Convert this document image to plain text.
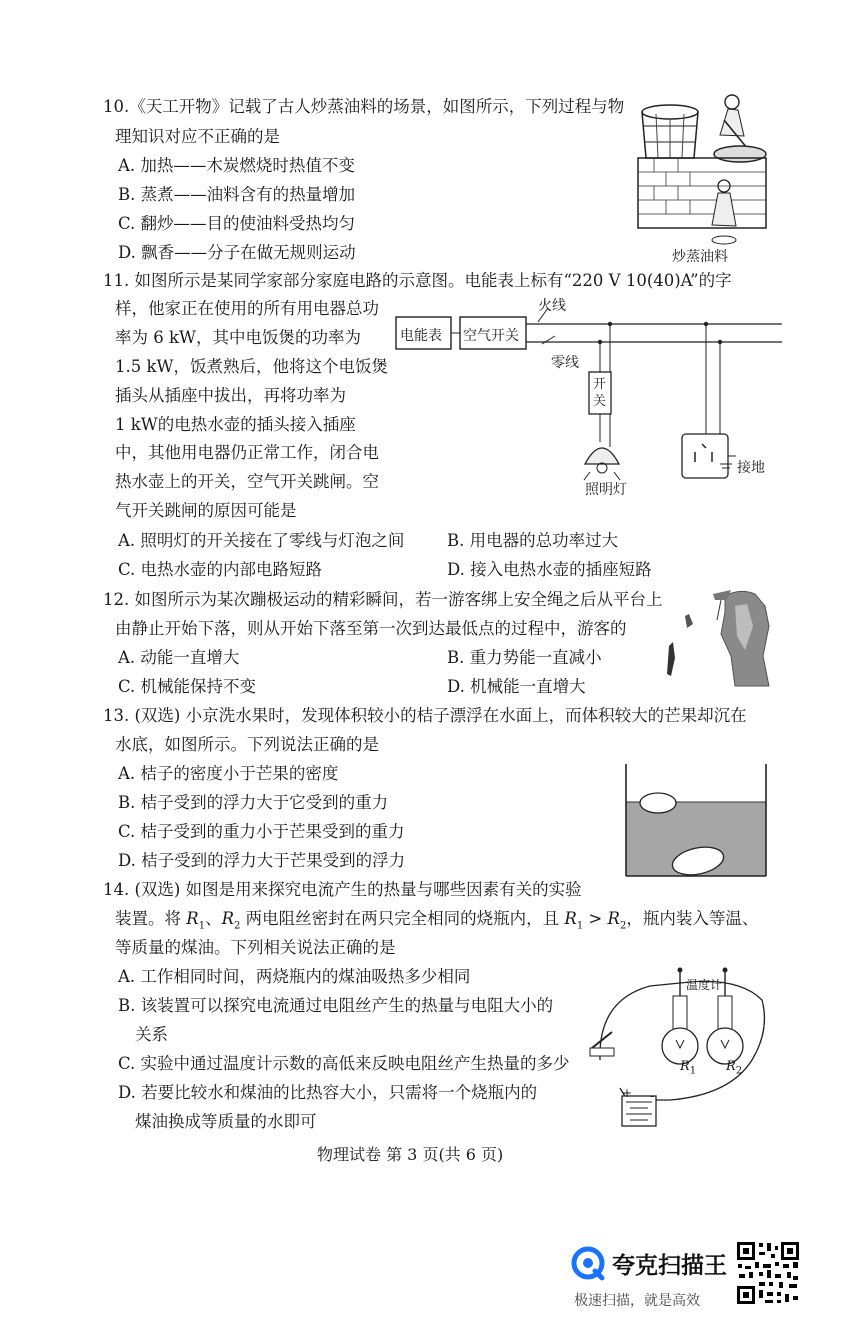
10.《天工开物》记载了古人炒蒸油料的场景，如图所示，下列过程与物
理知识对应不正确的是
A. 加热——木炭燃烧时热值不变
B. 蒸煮——油料含有的热量增加
C. 翻炒——目的使油料受热均匀
D. 飘香——分子在做无规则运动	炒蒸油料
11. 如图所示是某同学家部分家庭电路的示意图。电能表上标有“220 V 10(40)A”的字
样，他家正在使用的所有用电器总功
率为 6 kW，其中电饭煲的功率为
1.5 kW，饭煮熟后，他将这个电饭煲
插头从插座中拔出，再将功率为
1 kW的电热水壶的插头接入插座
中，其他用电器仍正常工作，闭合电
热水壶上的开关，空气开关跳闸。空
气开关跳闸的原因可能是
A. 照明灯的开关接在了零线与灯泡之间	B. 用电器的总功率过大
C. 电热水壶的内部电路短路	D. 接入电热水壶的插座短路
电能表 空气开关
火线
零线
开关
照明灯
接地
12. 如图所示为某次蹦极运动的精彩瞬间，若一游客绑上安全绳之后从平台上
由静止开始下落，则从开始下落至第一次到达最低点的过程中，游客的
A. 动能一直增大	B. 重力势能一直减小
C. 机械能保持不变	D. 机械能一直增大
13. (双选) 小京洗水果时，发现体积较小的桔子漂浮在水面上，而体积较大的芒果却沉在
水底，如图所示。下列说法正确的是
A. 桔子的密度小于芒果的密度
B. 桔子受到的浮力大于它受到的重力
C. 桔子受到的重力小于芒果受到的重力
D. 桔子受到的浮力大于芒果受到的浮力
14. (双选) 如图是用来探究电流产生的热量与哪些因素有关的实验
装置。将 $R_1$、$R_2$ 两电阻丝密封在两只完全相同的烧瓶内，且 $R_1 > R_2$，瓶内装入等温、
等质量的煤油。下列相关说法正确的是
A. 工作相同时间，两烧瓶内的煤油吸热多少相同
B. 该装置可以探究电流通过电阻丝产生的热量与电阻大小的
关系
C. 实验中通过温度计示数的高低来反映电阻丝产生热量的多少
D. 若要比较水和煤油的比热容大小，只需将一个烧瓶内的
煤油换成等质量的水即可
温度计
$R_1$ $R_2$
+ -
物理试卷 第 3 页(共 6 页)
夸克扫描王
极速扫描，就是高效
